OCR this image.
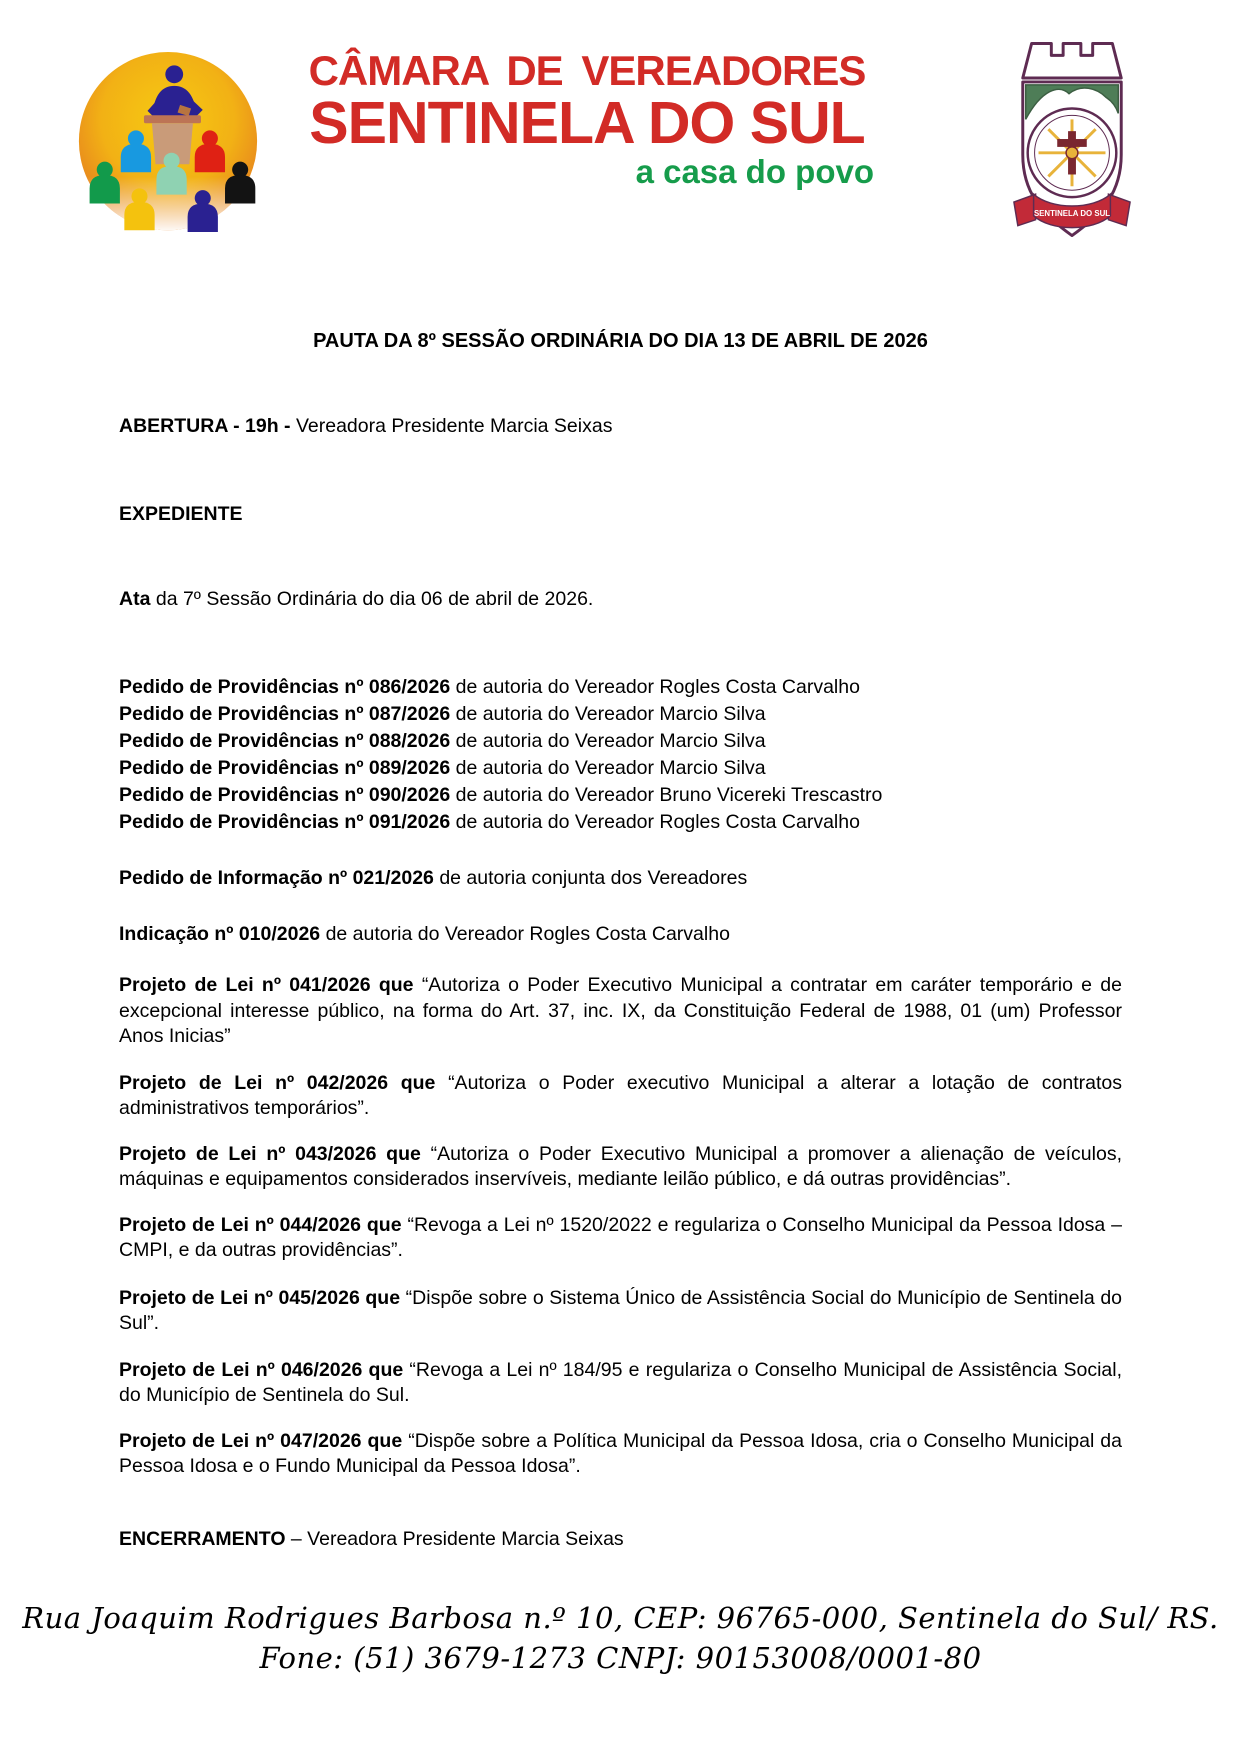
CÂMARA DE VEREADORES
SENTINELA DO SUL
a casa do povo
SENTINELA DO SUL
PAUTA DA 8º SESSÃO ORDINÁRIA DO DIA 13 DE ABRIL DE 2026

ABERTURA - 19h - Vereadora Presidente Marcia Seixas

EXPEDIENTE

Ata da 7º Sessão Ordinária do dia 06 de abril de 2026.

Pedido de Providências nº 086/2026 de autoria do Vereador Rogles Costa Carvalho

Pedido de Providências nº 087/2026 de autoria do Vereador Marcio Silva

Pedido de Providências nº 088/2026 de autoria do Vereador Marcio Silva

Pedido de Providências nº 089/2026 de autoria do Vereador Marcio Silva

Pedido de Providências nº 090/2026 de autoria do Vereador Bruno Vicereki Trescastro

Pedido de Providências nº 091/2026 de autoria do Vereador Rogles Costa Carvalho

Pedido de Informação nº 021/2026 de autoria conjunta dos Vereadores

Indicação nº 010/2026 de autoria do Vereador Rogles Costa Carvalho

Projeto de Lei nº 041/2026 que “Autoriza o Poder Executivo Municipal a contratar em caráter temporário e de excepcional interesse público, na forma do Art. 37, inc. IX, da Constituição Federal de 1988, 01 (um) Professor Anos Inicias”

Projeto de Lei nº 042/2026 que “Autoriza o Poder executivo Municipal a alterar a lotação de contratos administrativos temporários”.

Projeto de Lei nº 043/2026 que “Autoriza o Poder Executivo Municipal a promover a alienação de veículos, máquinas e equipamentos considerados inservíveis, mediante leilão público, e dá outras providências”.

Projeto de Lei nº 044/2026 que “Revoga a Lei nº 1520/2022 e regulariza o Conselho Municipal da Pessoa Idosa – CMPI, e da outras providências”.

Projeto de Lei nº 045/2026 que “Dispõe sobre o Sistema Único de Assistência Social do Município de Sentinela do Sul”.

Projeto de Lei nº 046/2026 que “Revoga a Lei nº 184/95 e regulariza o Conselho Municipal de Assistência Social, do Município de Sentinela do Sul.

Projeto de Lei nº 047/2026 que “Dispõe sobre a Política Municipal da Pessoa Idosa, cria o Conselho Municipal da Pessoa Idosa e o Fundo Municipal da Pessoa Idosa”.

ENCERRAMENTO – Vereadora Presidente Marcia Seixas

Rua Joaquim Rodrigues Barbosa n.º 10, CEP: 96765-000, Sentinela do Sul/ RS.
Fone: (51) 3679-1273 CNPJ: 90153008/0001-80
